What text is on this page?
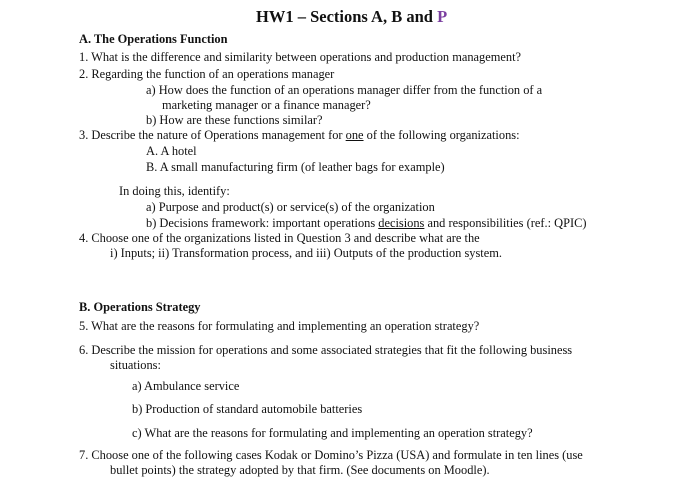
HW1 – Sections A, B and P
A. The Operations Function
1. What is the difference and similarity between operations and production management?
2. Regarding the function of an operations manager
a) How does the function of an operations manager differ from the function of a
marketing manager or a finance manager?
b) How are these functions similar?
3. Describe the nature of Operations management for one of the following organizations:
A. A hotel
B. A small manufacturing firm (of leather bags for example)
In doing this, identify:
a) Purpose and product(s) or service(s) of the organization
b) Decisions framework: important operations decisions and responsibilities (ref.: QPIC)
4. Choose one of the organizations listed in Question 3 and describe what are the
i) Inputs; ii) Transformation process, and iii) Outputs of the production system.
B. Operations Strategy
5. What are the reasons for formulating and implementing an operation strategy?
6. Describe the mission for operations and some associated strategies that fit the following business
situations:
a) Ambulance service
b) Production of standard automobile batteries
c) What are the reasons for formulating and implementing an operation strategy?
7. Choose one of the following cases Kodak or Domino’s Pizza (USA) and formulate in ten lines (use
bullet points) the strategy adopted by that firm. (See documents on Moodle).
